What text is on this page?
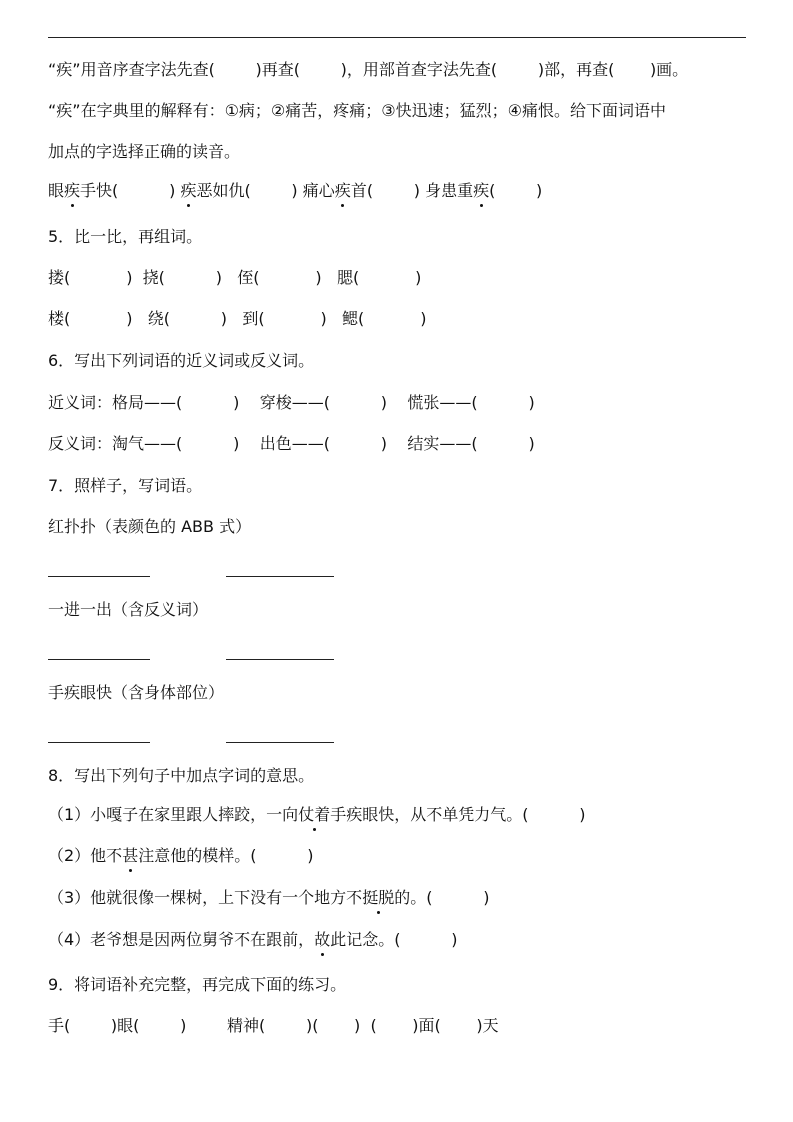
“疾”用音序查字法先查(        )再查(        )，用部首查字法先查(        )部，再查(       )画。
“疾”在字典里的解释有：①病；②痛苦，疼痛；③快迅速；猛烈；④痛恨。给下面词语中
加点的字选择正确的读音。
眼疾手快(          ) 疾恶如仇(        ) 痛心疾首(        ) 身患重疾(        )
5．比一比，再组词。
搂(           ) 挠(          ) 侄(           ) 腮(           )
楼(           ) 绕(          ) 到(           ) 鳃(           )
6．写出下列词语的近义词或反义词。
近义词：格局——(          ) 穿梭——(          ) 慌张——(          )
反义词：淘气——(          ) 出色——(          ) 结实——(          )
7．照样子，写词语。
红扑扑（表颜色的 ABB 式）
一进一出（含反义词）
手疾眼快（含身体部位）
8．写出下列句子中加点字词的意思。
（1）小嘎子在家里跟人摔跤，一向仗着手疾眼快，从不单凭力气。(          )
（2）他不甚注意他的模样。(          )
（3）他就很像一棵树，上下没有一个地方不挺脱的。(          )
（4）老爷想是因两位舅爷不在跟前，故此记念。(          )
9．将词语补充完整，再完成下面的练习。
手(        )眼(        )        精神(        )(       )  (       )面(       )天
